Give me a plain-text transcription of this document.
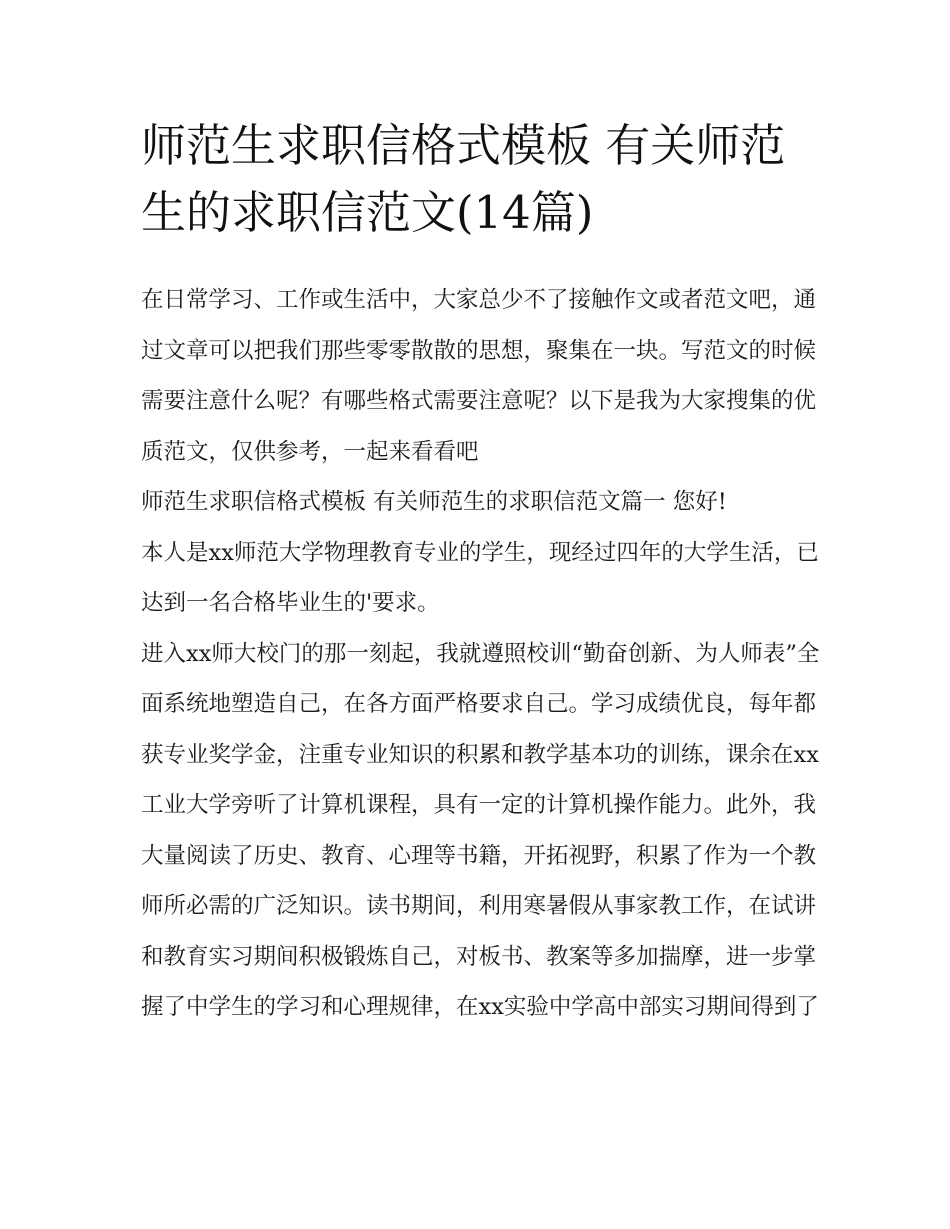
师范生求职信格式模板 有关师范生的求职信范文(14篇)

在日常学习、工作或生活中，大家总少不了接触作文或者范文吧，通过文章可以把我们那些零零散散的思想，聚集在一块。写范文的时候需要注意什么呢？有哪些格式需要注意呢？以下是我为大家搜集的优质范文，仅供参考，一起来看看吧

师范生求职信格式模板 有关师范生的求职信范文篇一 您好!

本人是xx师范大学物理教育专业的学生，现经过四年的大学生活，已达到一名合格毕业生的'要求。

进入xx师大校门的那一刻起，我就遵照校训“勤奋创新、为人师表”全面系统地塑造自己，在各方面严格要求自己。学习成绩优良，每年都获专业奖学金，注重专业知识的积累和教学基本功的训练，课余在xx工业大学旁听了计算机课程，具有一定的计算机操作能力。此外，我大量阅读了历史、教育、心理等书籍，开拓视野，积累了作为一个教师所必需的广泛知识。读书期间，利用寒暑假从事家教工作，在试讲和教育实习期间积极锻炼自己，对板书、教案等多加揣摩，进一步掌握了中学生的学习和心理规律，在xx实验中学高中部实习期间得到了
